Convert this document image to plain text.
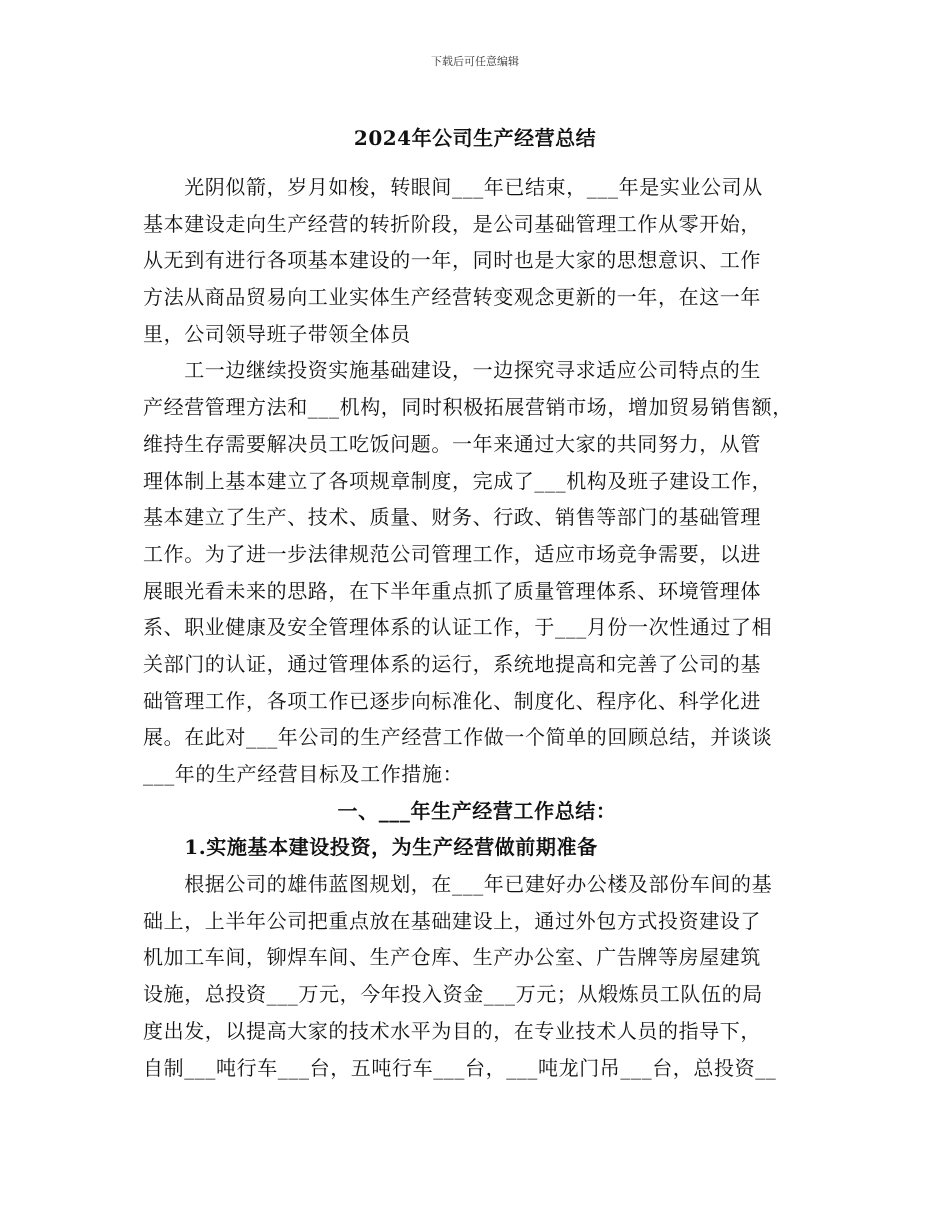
下载后可任意编辑
2024年公司生产经营总结
　　光阴似箭，岁月如梭，转眼间___年已结束，___年是实业公司从
基本建设走向生产经营的转折阶段，是公司基础管理工作从零开始，
从无到有进行各项基本建设的一年，同时也是大家的思想意识、工作
方法从商品贸易向工业实体生产经营转变观念更新的一年，在这一年
里，公司领导班子带领全体员
　　工一边继续投资实施基础建设，一边探究寻求适应公司特点的生
产经营管理方法和___机构，同时积极拓展营销市场，增加贸易销售额，
维持生存需要解决员工吃饭问题。一年来通过大家的共同努力，从管
理体制上基本建立了各项规章制度，完成了___机构及班子建设工作，
基本建立了生产、技术、质量、财务、行政、销售等部门的基础管理
工作。为了进一步法律规范公司管理工作，适应市场竞争需要，以进
展眼光看未来的思路，在下半年重点抓了质量管理体系、环境管理体
系、职业健康及安全管理体系的认证工作，于___月份一次性通过了相
关部门的认证，通过管理体系的运行，系统地提高和完善了公司的基
础管理工作，各项工作已逐步向标准化、制度化、程序化、科学化进
展。在此对___年公司的生产经营工作做一个简单的回顾总结，并谈谈
___年的生产经营目标及工作措施：
一、___年生产经营工作总结：
　　1.实施基本建设投资，为生产经营做前期准备
　　根据公司的雄伟蓝图规划，在___年已建好办公楼及部份车间的基
础上，上半年公司把重点放在基础建设上，通过外包方式投资建设了
机加工车间，铆焊车间、生产仓库、生产办公室、广告牌等房屋建筑
设施，总投资___万元，今年投入资金___万元；从煅炼员工队伍的局
度出发，以提高大家的技术水平为目的，在专业技术人员的指导下，
自制___吨行车___台，五吨行车___台，___吨龙门吊___台，总投资__
